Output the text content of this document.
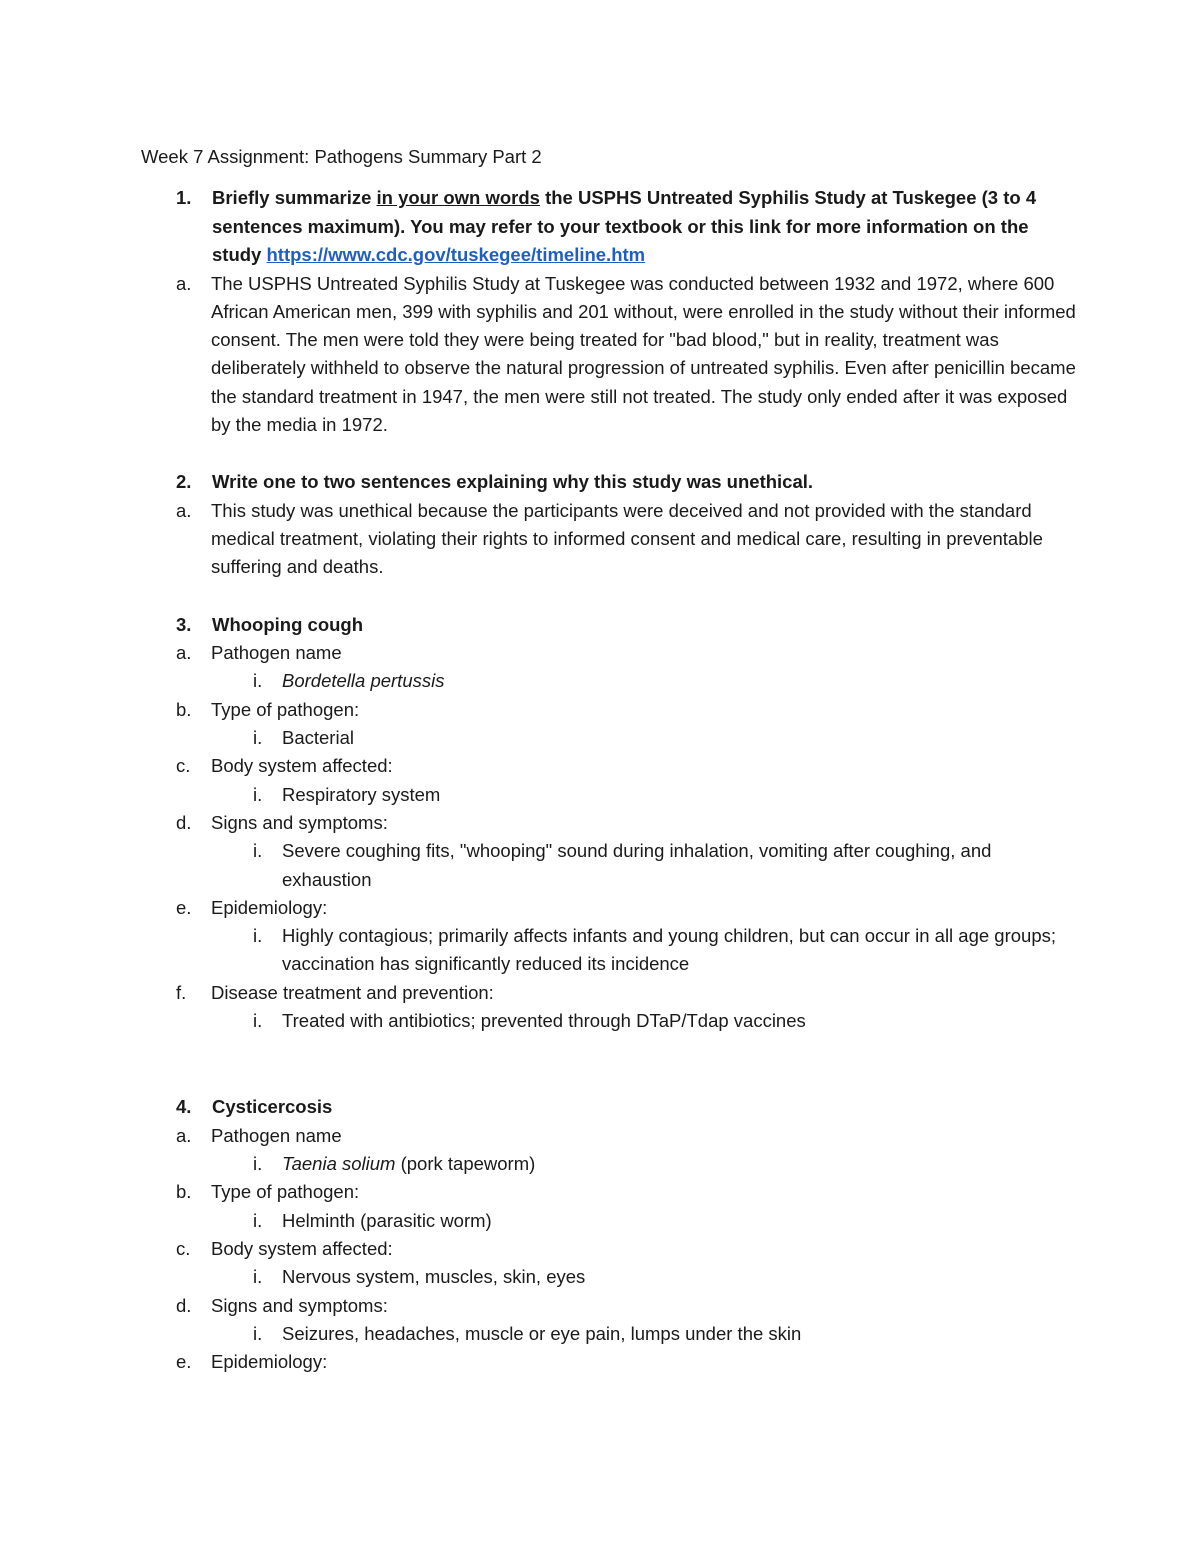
Week 7 Assignment: Pathogens Summary Part 2
1. Briefly summarize in your own words the USPHS Untreated Syphilis Study at Tuskegee (3 to 4 sentences maximum). You may refer to your textbook or this link for more information on the study https://www.cdc.gov/tuskegee/timeline.htm
a. The USPHS Untreated Syphilis Study at Tuskegee was conducted between 1932 and 1972, where 600 African American men, 399 with syphilis and 201 without, were enrolled in the study without their informed consent. The men were told they were being treated for "bad blood," but in reality, treatment was deliberately withheld to observe the natural progression of untreated syphilis. Even after penicillin became the standard treatment in 1947, the men were still not treated. The study only ended after it was exposed by the media in 1972.
2. Write one to two sentences explaining why this study was unethical.
a. This study was unethical because the participants were deceived and not provided with the standard medical treatment, violating their rights to informed consent and medical care, resulting in preventable suffering and deaths.
3. Whooping cough
a. Pathogen name
i. Bordetella pertussis
b. Type of pathogen:
i. Bacterial
c. Body system affected:
i. Respiratory system
d. Signs and symptoms:
i. Severe coughing fits, "whooping" sound during inhalation, vomiting after coughing, and exhaustion
e. Epidemiology:
i. Highly contagious; primarily affects infants and young children, but can occur in all age groups; vaccination has significantly reduced its incidence
f. Disease treatment and prevention:
i. Treated with antibiotics; prevented through DTaP/Tdap vaccines
4. Cysticercosis
a. Pathogen name
i. Taenia solium (pork tapeworm)
b. Type of pathogen:
i. Helminth (parasitic worm)
c. Body system affected:
i. Nervous system, muscles, skin, eyes
d. Signs and symptoms:
i. Seizures, headaches, muscle or eye pain, lumps under the skin
e. Epidemiology:
